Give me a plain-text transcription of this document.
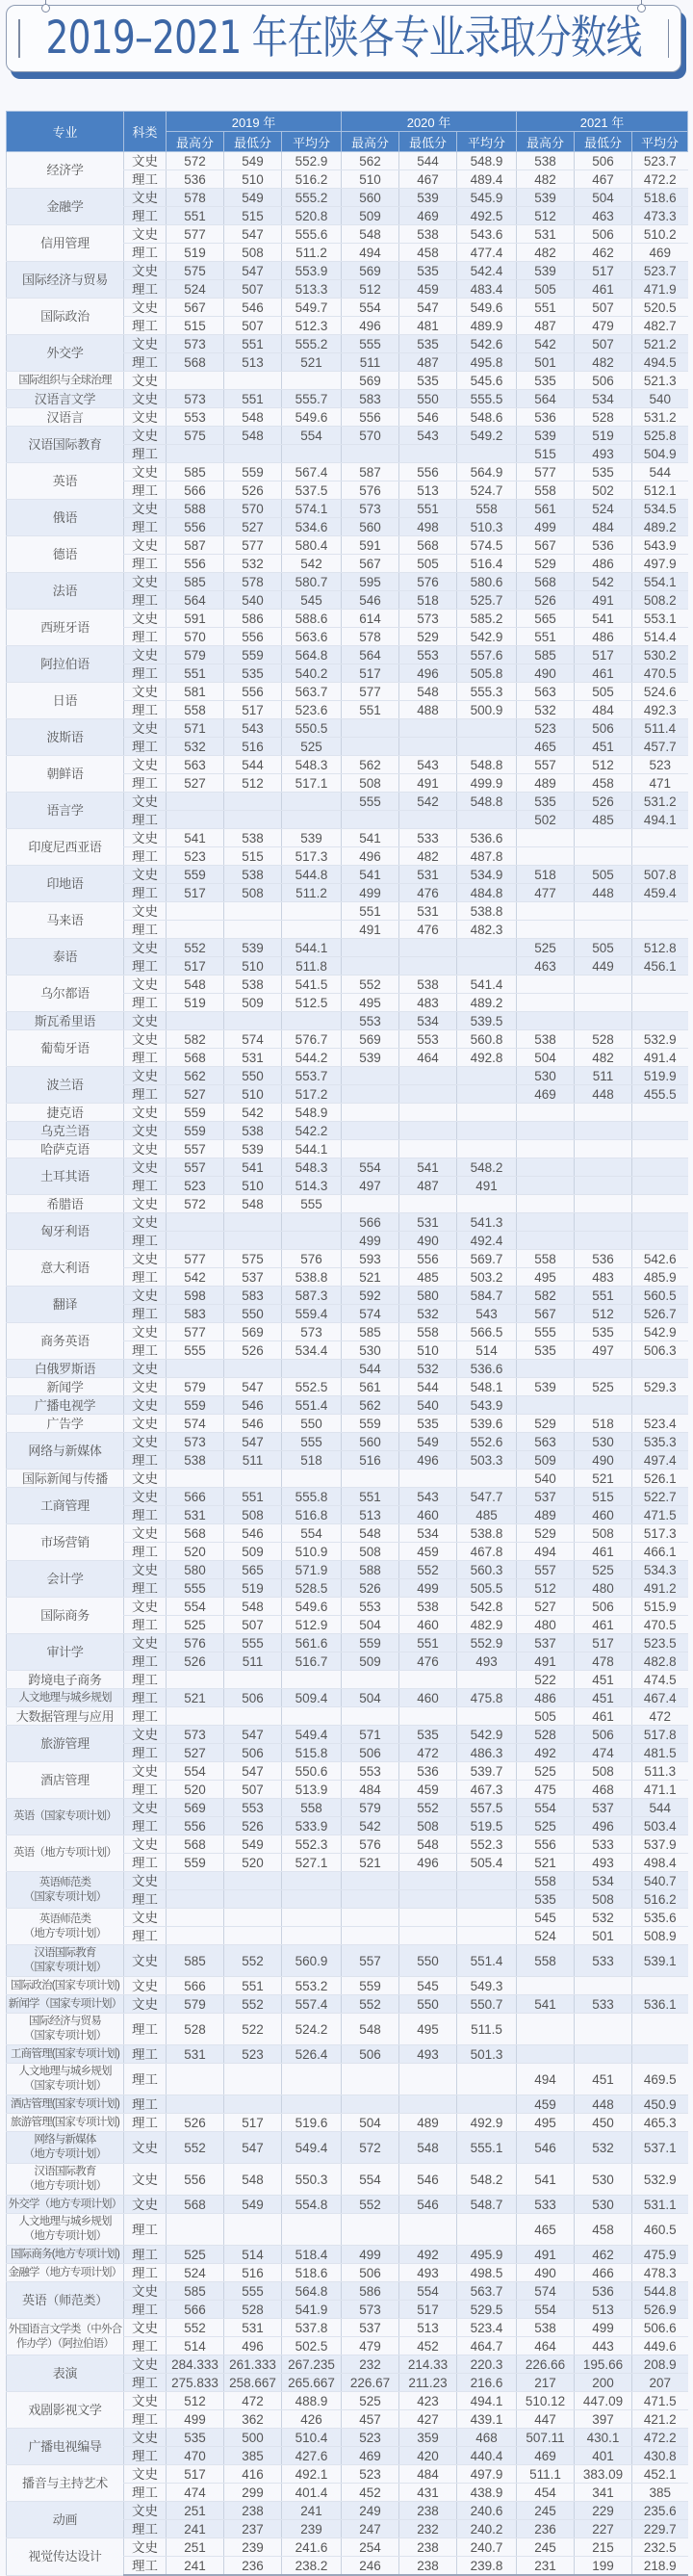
2019–2021 年在陕各专业录取分数线
专业	科类	2019 年			2020 年			2021 年		
		最高分	最低分	平均分	最高分	最低分	平均分	最高分	最低分	平均分
经济学	文史	572	549	552.9	562	544	548.9	538	506	523.7
	理工	536	510	516.2	510	467	489.4	482	467	472.2
金融学	文史	578	549	555.2	560	539	545.9	539	504	518.6
	理工	551	515	520.8	509	469	492.5	512	463	473.3
信用管理	文史	577	547	555.6	548	538	543.6	531	506	510.2
	理工	519	508	511.2	494	458	477.4	482	462	469
国际经济与贸易	文史	575	547	553.9	569	535	542.4	539	517	523.7
	理工	524	507	513.3	512	459	483.4	505	461	471.9
国际政治	文史	567	546	549.7	554	547	549.6	551	507	520.5
	理工	515	507	512.3	496	481	489.9	487	479	482.7
外交学	文史	573	551	555.2	555	535	542.6	542	507	521.2
	理工	568	513	521	511	487	495.8	501	482	494.5
国际组织与全球治理	文史				569	535	545.6	535	506	521.3
汉语言文学	文史	573	551	555.7	583	550	555.5	564	534	540
汉语言	文史	553	548	549.6	556	546	548.6	536	528	531.2
汉语国际教育	文史	575	548	554	570	543	549.2	539	519	525.8
	理工							515	493	504.9
英语	文史	585	559	567.4	587	556	564.9	577	535	544
	理工	566	526	537.5	576	513	524.7	558	502	512.1
俄语	文史	588	570	574.1	573	551	558	561	524	534.5
	理工	556	527	534.6	560	498	510.3	499	484	489.2
德语	文史	587	577	580.4	591	568	574.5	567	536	543.9
	理工	556	532	542	567	505	516.4	529	486	497.9
法语	文史	585	578	580.7	595	576	580.6	568	542	554.1
	理工	564	540	545	546	518	525.7	526	491	508.2
西班牙语	文史	591	586	588.6	614	573	585.2	565	541	553.1
	理工	570	556	563.6	578	529	542.9	551	486	514.4
阿拉伯语	文史	579	559	564.8	564	553	557.6	585	517	530.2
	理工	551	535	540.2	517	496	505.8	490	461	470.5
日语	文史	581	556	563.7	577	548	555.3	563	505	524.6
	理工	558	517	523.6	551	488	500.9	532	484	492.3
波斯语	文史	571	543	550.5				523	506	511.4
	理工	532	516	525				465	451	457.7
朝鲜语	文史	563	544	548.3	562	543	548.8	557	512	523
	理工	527	512	517.1	508	491	499.9	489	458	471
语言学	文史				555	542	548.8	535	526	531.2
	理工							502	485	494.1
印度尼西亚语	文史	541	538	539	541	533	536.6			
	理工	523	515	517.3	496	482	487.8			
印地语	文史	559	538	544.8	541	531	534.9	518	505	507.8
	理工	517	508	511.2	499	476	484.8	477	448	459.4
马来语	文史				551	531	538.8			
	理工				491	476	482.3			
泰语	文史	552	539	544.1				525	505	512.8
	理工	517	510	511.8				463	449	456.1
乌尔都语	文史	548	538	541.5	552	538	541.4			
	理工	519	509	512.5	495	483	489.2			
斯瓦希里语	文史				553	534	539.5			
葡萄牙语	文史	582	574	576.7	569	553	560.8	538	528	532.9
	理工	568	531	544.2	539	464	492.8	504	482	491.4
波兰语	文史	562	550	553.7				530	511	519.9
	理工	527	510	517.2				469	448	455.5
捷克语	文史	559	542	548.9						
乌克兰语	文史	559	538	542.2						
哈萨克语	文史	557	539	544.1						
土耳其语	文史	557	541	548.3	554	541	548.2			
	理工	523	510	514.3	497	487	491			
希腊语	文史	572	548	555						
匈牙利语	文史				566	531	541.3			
	理工				499	490	492.4			
意大利语	文史	577	575	576	593	556	569.7	558	536	542.6
	理工	542	537	538.8	521	485	503.2	495	483	485.9
翻译	文史	598	583	587.3	592	580	584.7	582	551	560.5
	理工	583	550	559.4	574	532	543	567	512	526.7
商务英语	文史	577	569	573	585	558	566.5	555	535	542.9
	理工	555	526	534.4	530	510	514	535	497	506.3
白俄罗斯语	文史				544	532	536.6			
新闻学	文史	579	547	552.5	561	544	548.1	539	525	529.3
广播电视学	文史	559	546	551.4	562	540	543.9			
广告学	文史	574	546	550	559	535	539.6	529	518	523.4
网络与新媒体	文史	573	547	555	560	549	552.6	563	530	535.3
	理工	538	511	518	516	496	503.3	509	490	497.4
国际新闻与传播	文史							540	521	526.1
工商管理	文史	566	551	555.8	551	543	547.7	537	515	522.7
	理工	531	508	516.8	513	460	485	489	460	471.5
市场营销	文史	568	546	554	548	534	538.8	529	508	517.3
	理工	520	509	510.9	508	459	467.8	494	461	466.1
会计学	文史	580	565	571.9	588	552	560.3	557	525	534.3
	理工	555	519	528.5	526	499	505.5	512	480	491.2
国际商务	文史	554	548	549.6	553	538	542.8	527	506	515.9
	理工	525	507	512.9	504	460	482.9	480	461	470.5
审计学	文史	576	555	561.6	559	551	552.9	537	517	523.5
	理工	526	511	516.7	509	476	493	491	478	482.8
跨境电子商务	理工							522	451	474.5
人文地理与城乡规划	理工	521	506	509.4	504	460	475.8	486	451	467.4
大数据管理与应用	理工							505	461	472
旅游管理	文史	573	547	549.4	571	535	542.9	528	506	517.8
	理工	527	506	515.8	506	472	486.3	492	474	481.5
酒店管理	文史	554	547	550.6	553	536	539.7	525	508	511.3
	理工	520	507	513.9	484	459	467.3	475	468	471.1
英语（国家专项计划）	文史	569	553	558	579	552	557.5	554	537	544
	理工	556	526	533.9	542	508	519.5	525	496	503.4
英语（地方专项计划）	文史	568	549	552.3	576	548	552.3	556	533	537.9
	理工	559	520	527.1	521	496	505.4	521	493	498.4
英语师范类
（国家专项计划）	文史							558	534	540.7
	理工							535	508	516.2
英语师范类
（地方专项计划）	文史							545	532	535.6
	理工							524	501	508.9
汉语国际教育
（国家专项计划）	文史	585	552	560.9	557	550	551.4	558	533	539.1
国际政治(国家专项计划)	文史	566	551	553.2	559	545	549.3			
新闻学（国家专项计划）	文史	579	552	557.4	552	550	550.7	541	533	536.1
国际经济与贸易
（国家专项计划）	理工	528	522	524.2	548	495	511.5			
工商管理(国家专项计划)	理工	531	523	526.4	506	493	501.3			
人文地理与城乡规划
（国家专项计划）	理工							494	451	469.5
酒店管理(国家专项计划)	理工							459	448	450.9
旅游管理(国家专项计划)	理工	526	517	519.6	504	489	492.9	495	450	465.3
网络与新媒体
（地方专项计划）	文史	552	547	549.4	572	548	555.1	546	532	537.1
汉语国际教育
（地方专项计划）	文史	556	548	550.3	554	546	548.2	541	530	532.9
外交学（地方专项计划）	文史	568	549	554.8	552	546	548.7	533	530	531.1
人文地理与城乡规划
（地方专项计划）	理工							465	458	460.5
国际商务(地方专项计划)	理工	525	514	518.4	499	492	495.9	491	462	475.9
金融学（地方专项计划）	理工	524	516	518.6	506	493	498.5	490	466	478.3
英语（师范类）	文史	585	555	564.8	586	554	563.7	574	536	544.8
	理工	566	528	541.9	573	517	529.5	554	513	526.9
外国语言文学类（中外合
作办学）（阿拉伯语）	文史	552	531	537.8	537	513	523.4	538	499	506.6
	理工	514	496	502.5	479	452	464.7	464	443	449.6
表演	文史	284.333	261.333	267.235	232	214.33	220.3	226.66	195.66	208.9
	理工	275.833	258.667	265.667	226.67	211.23	216.6	217	200	207
戏剧影视文学	文史	512	472	488.9	525	423	494.1	510.12	447.09	471.5
	理工	499	362	426	457	427	439.1	447	397	421.2
广播电视编导	文史	535	500	510.4	523	359	468	507.11	430.1	472.2
	理工	470	385	427.6	469	420	440.4	469	401	430.8
播音与主持艺术	文史	517	416	492.1	523	484	497.9	511.1	383.09	452.1
	理工	474	299	401.4	452	431	438.9	454	341	385
动画	文史	251	238	241	249	238	240.6	245	229	235.6
	理工	241	237	239	247	232	240.2	236	227	229.7
视觉传达设计	文史	251	239	241.6	254	238	240.7	245	215	232.5
	理工	241	236	238.2	246	238	239.8	231	199	218.9
